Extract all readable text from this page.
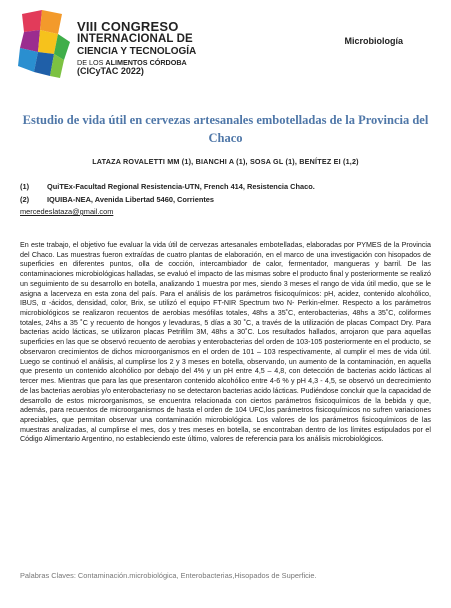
VIII CONGRESO
INTERNACIONAL DE
CIENCIA Y TECNOLOGÍA
DE LOS ALIMENTOS CÓRDOBA
(CICyTAC 2022)
Microbiología
Estudio de vida útil en cervezas artesanales embotelladas de la Provincia del Chaco
LATAZA ROVALETTI MM (1), BIANCHI A (1), SOSA GL (1), BENÍTEZ EI (1,2)
(1) QuiTEx-Facultad Regional Resistencia-UTN, French 414, Resistencia Chaco.
(2) IQUIBA-NEA, Avenida Libertad 5460, Corrientes
mercedeslataza@gmail.com
En este trabajo, el objetivo fue evaluar la vida útil de cervezas artesanales embotelladas, elaboradas por PYMES de la Provincia del Chaco. Las muestras fueron extraídas de cuatro plantas de elaboración, en el marco de una investigación con hisopados de superficies en diferentes puntos, olla de cocción, intercambiador de calor, fermentador, mangueras y barril. De las contaminaciones microbiológicas halladas, se evaluó el impacto de las mismas sobre el producto final y posteriormente se realizó un seguimiento de su desarrollo en botella, analizando 1 muestra por mes, siendo 3 meses el rango de vida útil medio, que se le asigna a lacerveza en esta zona del país. Para el análisis de los parámetros fisicoquímicos: pH, acidez, contenido alcohólico, IBUS, α -ácidos, densidad, color, Brix, se utilizó el equipo FT-NIR Spectrum two N- Perkin-elmer. Respecto a los parámetros microbiológicos se realizaron recuentos de aerobias mesófilas totales, 48hs a 35˚C, enterobacterias, 48hs a 35˚C, coliformes totales, 24hs a 35 ˚C y recuento de hongos y levaduras, 5 días a 30 ˚C, a través de la utilización de placas Compact Dry. Para bacterias acido lácticas, se utilizaron placas Petrifilm 3M, 48hs a 30˚C. Los resultados hallados, arrojaron que para aquellas superficies en las que se observó recuento de aerobias y enterobacterias del orden de 103-105 posteriormente en el producto, se observaron crecimientos de dichos microorganismos en el orden de 101 – 103 respectivamente, al cumplir el mes de vida útil. Luego se continuó el análisis, al cumplirse los 2 y 3 meses en botella, observando, un aumento de la contaminación, en aquella que presento un contenido alcohólico por debajo del 4% y un pH entre 4,5 – 4,8, con detección de bacterias acido lácticas al tercer mes. Mientras que para las que presentaron contenido alcohólico entre 4-6 % y pH 4,3 - 4,5, se observó un decrecimiento de las bacterias aerobias y/o enterobacteriasy no se detectaron bacterias acido lácticas. Pudiéndose concluir que la capacidad de desarrollo de estos microorganismos, se encuentra relacionada con ciertos parámetros fisicoquímicos de la bebida y que, además, para recuentos de microorganismos de hasta el orden de 104 UFC,los parámetros fisicoquímicos no sufren variaciones apreciables, que permitan observar una contaminación microbiológica. Los valores de los parámetros fisicoquímicos de las muestras analizadas, al cumplirse el mes, dos y tres meses en botella, se encontraban dentro de los límites estipulados por el Código Alimentario Argentino, no estableciendo este último, valores de referencia para los análisis microbiológicos.
Palabras Claves: Contaminación.microbiológica, Enterobacterias,Hisopados de Superficie.
